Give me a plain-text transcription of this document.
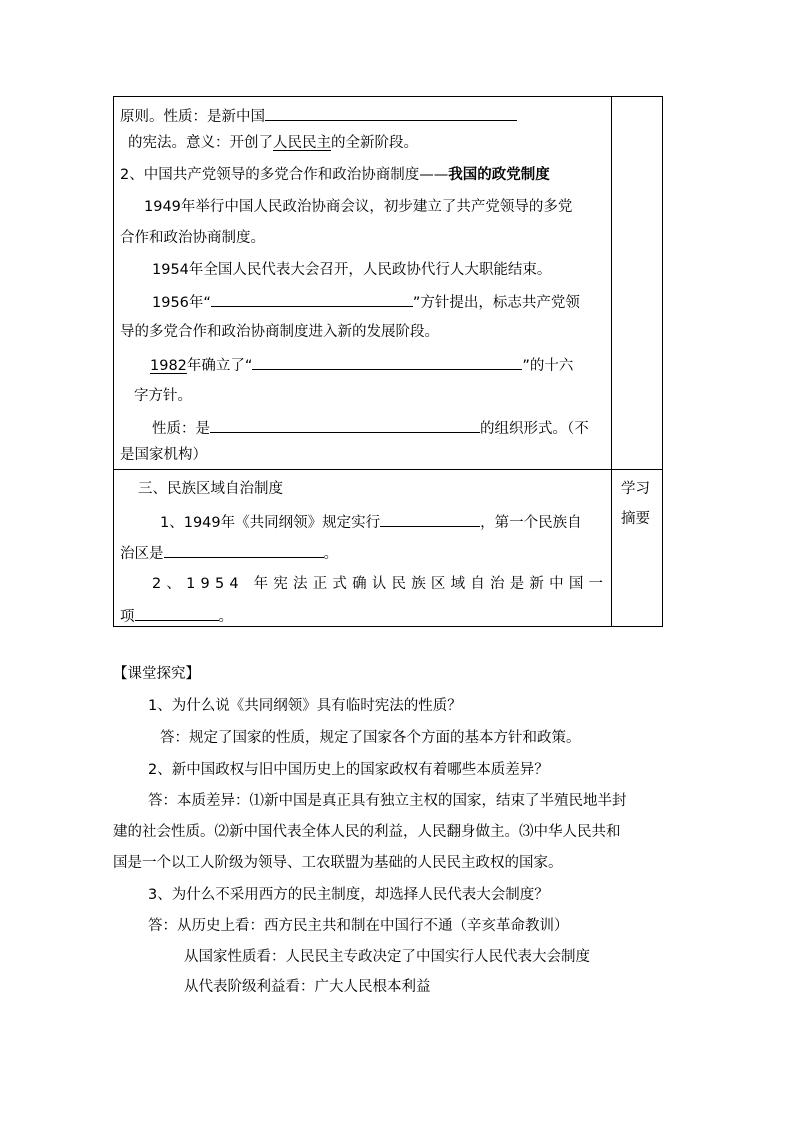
原则。性质：是新中国
的宪法。意义：开创了人民民主的全新阶段。
2、中国共产党领导的多党合作和政治协商制度——我国的政党制度
1949年举行中国人民政治协商会议，初步建立了共产党领导的多党
合作和政治协商制度。
1954年全国人民代表大会召开，人民政协代行人大职能结束。
1956年“	”方针提出，标志共产党领
导的多党合作和政治协商制度进入新的发展阶段。
1982年确立了“	”的十六
字方针。
性质：是	的组织形式。（不
是国家机构）
三、民族区域自治制度
1、1949年《共同纲领》规定实行	，第一个民族自
治区是	。
2、1954 年宪法正式确认民族区域自治是新中国一
项	。
学习
摘要
【课堂探究】
1、为什么说《共同纲领》具有临时宪法的性质？
答：规定了国家的性质，规定了国家各个方面的基本方针和政策。
2、新中国政权与旧中国历史上的国家政权有着哪些本质差异？
答：本质差异：⑴新中国是真正具有独立主权的国家，结束了半殖民地半封
建的社会性质。⑵新中国代表全体人民的利益，人民翻身做主。⑶中华人民共和
国是一个以工人阶级为领导、工农联盟为基础的人民民主政权的国家。
3、为什么不采用西方的民主制度，却选择人民代表大会制度？
答：从历史上看：西方民主共和制在中国行不通（辛亥革命教训）
从国家性质看：人民民主专政决定了中国实行人民代表大会制度
从代表阶级利益看：广大人民根本利益
